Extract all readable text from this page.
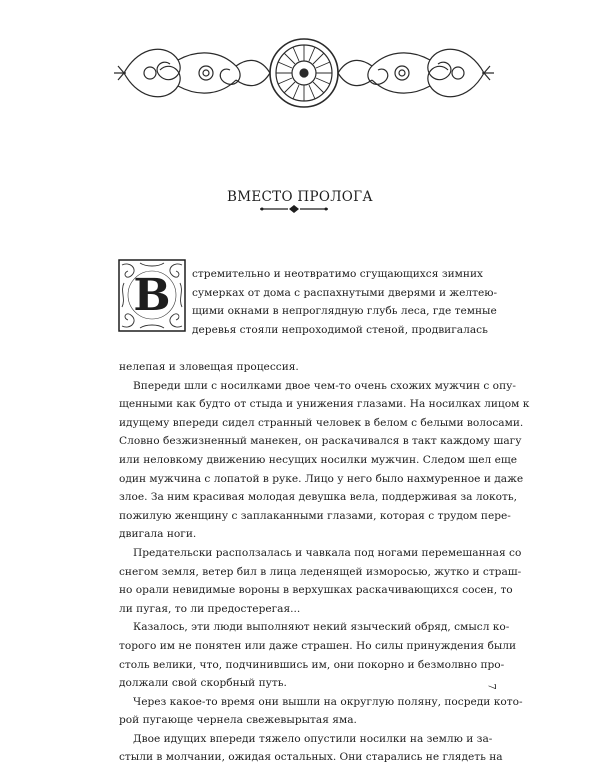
ВМЕСТО ПРОЛОГА
В стремительно и неотвратимо сгущающихся зимних
сумерках от дома с распахнутыми дверями и желтею-
щими окнами в непроглядную глубь леса, где темные
деревья стояли непроходимой стеной, продвигалась
нелепая и зловещая процессия.
Впереди шли с носилками двое чем-то очень схожих мужчин с опу-
щенными как будто от стыда и унижения глазами. На носилках лицом к
идущему впереди сидел странный человек в белом с белыми волосами.
Словно безжизненный манекен, он раскачивался в такт каждому шагу
или неловкому движению несущих носилки мужчин. Следом шел еще
один мужчина с лопатой в руке. Лицо у него было нахмуренное и даже
злое. За ним красивая молодая девушка вела, поддерживая за локоть,
пожилую женщину с заплаканными глазами, которая с трудом пере-
двигала ноги.
Предательски расползалась и чавкала под ногами перемешанная со
снегом земля, ветер бил в лица леденящей изморосью, жутко и страш-
но орали невидимые вороны в верхушках раскачивающихся сосен, то
ли пугая, то ли предостерегая...
Казалось, эти люди выполняют некий языческий обряд, смысл ко-
торого им не понятен или даже страшен. Но силы принуждения были
столь велики, что, подчинившись им, они покорно и безмолвно про-
должали свой скорбный путь.
Через какое-то время они вышли на округлую поляну, посреди кото-
рой пугающе чернела свежевырытая яма.
Двое идущих впереди тяжело опустили носилки на землю и за-
стыли в молчании, ожидая остальных. Они старались не глядеть на
7
